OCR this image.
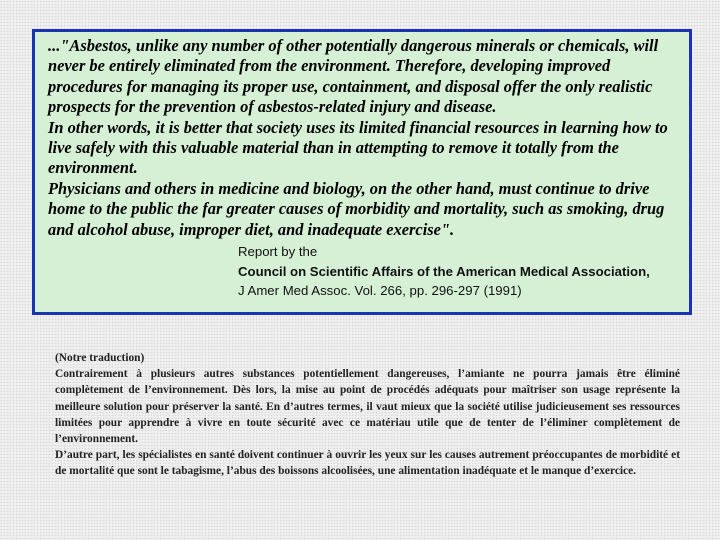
..."Asbestos, unlike any number of other potentially dangerous minerals or chemicals, will never be entirely eliminated from the environment. Therefore, developing improved procedures for managing its proper use, containment, and disposal offer the only realistic prospects for the prevention of asbestos-related injury and disease.
In other words, it is better that society uses its limited financial resources in learning how to live safely with this valuable material than in attempting to remove it totally from the environment.
Physicians and others in medicine and biology, on the other hand, must continue to drive home to the public the far greater causes of morbidity and mortality, such as smoking, drug and alcohol abuse, improper diet, and inadequate exercise".
Report by the
Council on Scientific Affairs of the American Medical Association,
J Amer Med Assoc. Vol. 266, pp. 296-297 (1991)

(Notre traduction)

Contrairement à plusieurs autres substances potentiellement dangereuses, l’amiante ne pourra jamais être éliminé complètement de l’environnement. Dès lors, la mise au point de procédés adéquats pour maîtriser son usage représente la meilleure solution pour préserver la santé. En d’autres termes, il vaut mieux que la société utilise judicieusement ses ressources limitées pour apprendre à vivre en toute sécurité avec ce matériau utile que de tenter de l’éliminer complètement de l’environnement.

D’autre part, les spécialistes en santé doivent continuer à ouvrir les yeux sur les causes autrement préoccupantes de morbidité et de mortalité que sont le tabagisme, l’abus des boissons alcoolisées, une alimentation inadéquate et le manque d’exercice.
